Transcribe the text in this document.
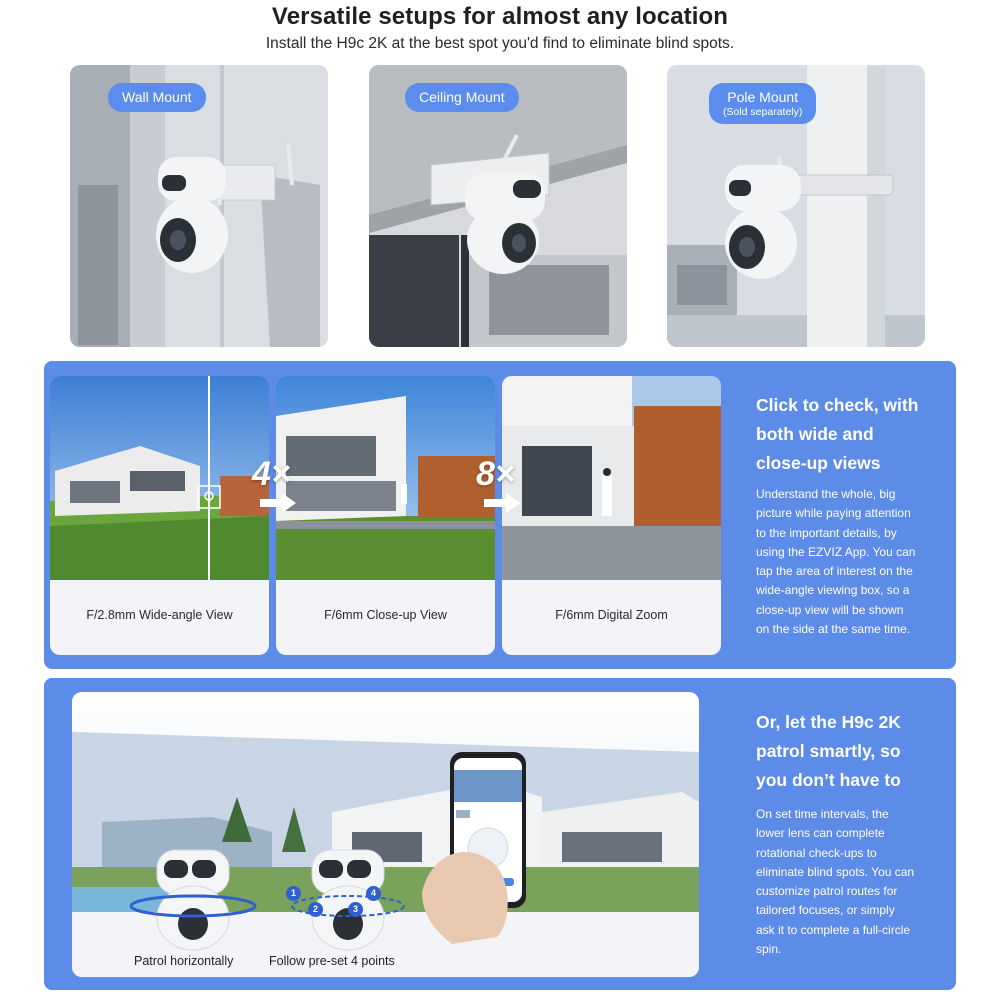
Versatile setups for almost any location

Install the H9c 2K at the best spot you'd find to eliminate blind spots.

Wall Mount	Ceiling Mount	Pole Mount
(Sold separately)
F/2.8mm Wide-angle View	F/6mm Close-up View	F/6mm Digital Zoom
4×	8×
Click to check, with
both wide and
close-up views
Understand the whole, big
picture while paying attention
to the important details, by
using the EZVIZ App. You can
tap the area of interest on the
wide-angle viewing box, so a
close-up view will be shown
on the side at the same time.
1
2	3
4
Patrol horizontally	Follow pre-set 4 points
Or, let the H9c 2K
patrol smartly, so
you don’t have to
On set time intervals, the
lower lens can complete
rotational check-ups to
eliminate blind spots. You can
customize patrol routes for
tailored focuses, or simply
ask it to complete a full-circle
spin.
